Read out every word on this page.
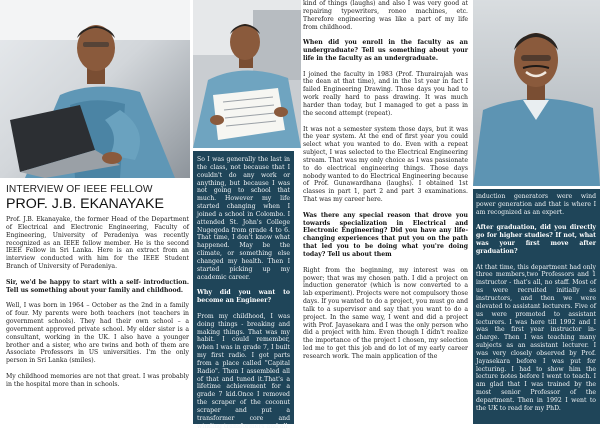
INTERVIEW OF IEEE FELLOW
PROF. J.B. EKANAYAKE

Prof. J.B. Ekanayake, the former Head of the Department of Electrical and Electronic Engineering, Faculty of Engineering, University of Peradeniya was recently recognized as an IEEE fellow member. He is the second IEEE Fellow in Sri Lanka. Here is an extract from an interview conducted with him for the IEEE Student Branch of University of Peradeniya.

Sir, we'd be happy to start with a self- introduction. Tell us something about your family and childhood.

Well, I was born in 1964 – October as the 2nd in a family of four. My parents were both teachers (not teachers in government schools). They had their own school – a government approved private school. My elder sister is a consultant, working in the UK. I also have a younger brother and a sister, who are twins and both of them are Associate Professors in US universities. I'm the only person in Sri Lanka (smiles).

My childhood memories are not that great. I was probably in the hospital more than in schools.

So I was generally the last in the class, not because that I couldn't do any work or anything, but because I was not going to school that much. However my life started changing when I joined a school in Colombo. I attended St. John's College Nugegoda from grade 4 to 6. That time, I don't know what happened. May be the climate, or something else changed my health. Then I started picking up my academic career.

Why did you want to become an Engineer?

From my childhood, I was doing things - breaking and making things. That was my habit. I could remember, when I was in grade 7, I built my first radio. I got parts from a place called "Capital Radio". Then I assembled all of that and tuned it.That's a lifetime achievement for a grade 7 kid.Once I removed the scraper of the coconut scraper and put a transformer core and winding transformers and all

kind of things (laughs) and also I was very good at repairing typewriters, roneo machines, etc. Therefore engineering was like a part of my life from childhood.

When did you enroll in the faculty as an undergraduate? Tell us something about your life in the faculty as an undergraduate.

I joined the faculty in 1983 (Prof. Thurairajah was the dean at that time), and in the 1st year in fact I failed Engineering Drawing. Those days you had to work really hard to pass drawing. It was much harder than today, but I managed to get a pass in the second attempt (repeat).

It was not a semester system those days, but it was the year system. At the end of first year you could select what you wanted to do. Even with a repeat subject, I was selected to the Electrical Engineering stream. That was my only choice as I was passionate to do electrical engineering things. Those days nobody wanted to do Electrical Engineering because of Prof. Gunawardhana (laughs). I obtained 1st classes in part 1, part 2 and part 3 examinations. That was my career here.

Was there any special reason that drove you towards specialization in Electrical and Electronic Engineering? Did you have any life-changing experiences that put you on the path that led you to be doing what you're doing today? Tell us about them

Right from the beginning, my interest was on power; that was my chosen path. I did a project on induction generator (which is now converted to a lab experiment). Projects were not compulsory those days. If you wanted to do a project, you must go and talk to a supervisor and say that you want to do a project. In the same way, I went and did a project with Prof. Jayasekara and I was the only person who did a project with him. Even though I didn't realize the importance of the project I chosen, my selection led me to get this job and do lot of my early career research work. The main application of the

induction generators were wind power generation and that is where I am recognized as an expert.

After graduation, did you directly go for higher studies? If not, what was your first move after graduation?

At that time, this department had only three members,two Professors and 1 instructor - that's all, no staff. Most of us were recruited initially as instructors, and then we were elevated to assistant lecturers. Five of us were promoted to assistant lecturers. I was here till 1992 and I was the first year instructor in-charge. Then I was teaching many subjects as an assistant lecturer. I was very closely observed by Prof. Jayasekara before I was put for lecturing. I had to show him the lecture notes before I went to teach. I am glad that I was trained by the most senior Professor of the department. Then in 1992 I went to the UK to read for my PhD.
